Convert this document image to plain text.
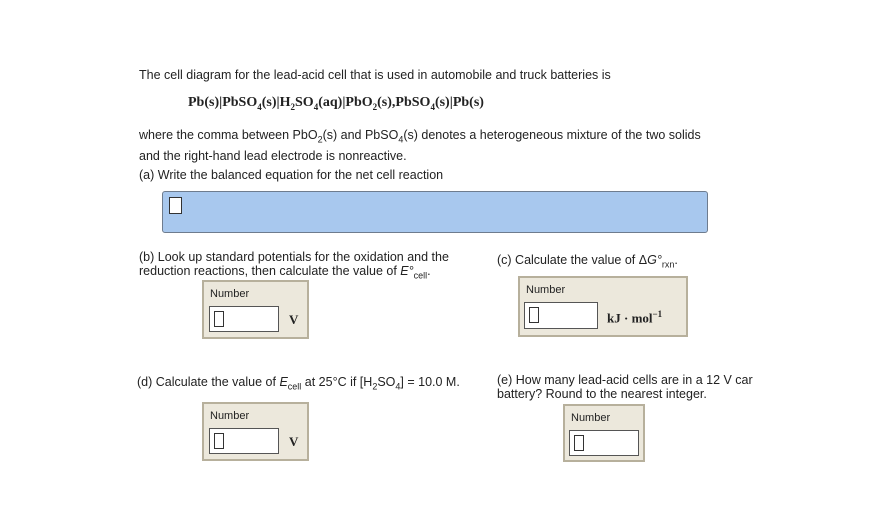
The cell diagram for the lead-acid cell that is used in automobile and truck batteries is
$Pb(s)|PbSO_4(s)|H_2SO_4(aq)|PbO_2(s),PbSO_4(s)|Pb(s)$
where the comma between PbO$_2$(s) and PbSO$_4$(s) denotes a heterogeneous mixture of the two solids
and the right-hand lead electrode is nonreactive.
(a) Write the balanced equation for the net cell reaction
(b) Look up standard potentials for the oxidation and the
reduction reactions, then calculate the value of $E^\circ_{cell}$.
Number
V
(c) Calculate the value of $\Delta G^\circ_{rxn}$.
Number
kJ · mol$^{-1}$
(d) Calculate the value of $E_{cell}$ at 25°C if $[H_2SO_4] = 10.0$ M.
Number
V
(e) How many lead-acid cells are in a 12 V car
battery? Round to the nearest integer.
Number
